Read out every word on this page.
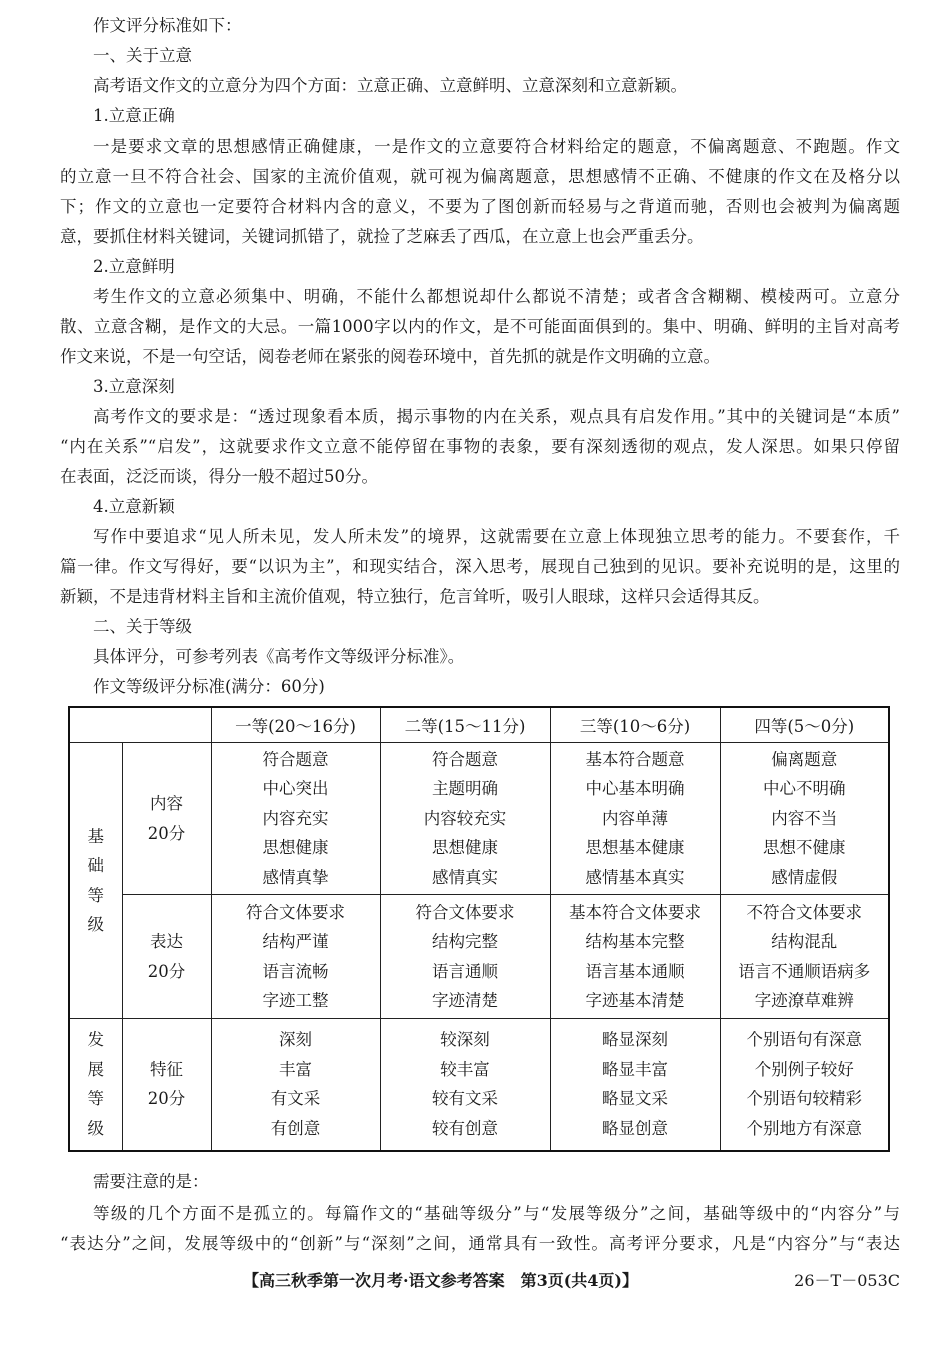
作文评分标准如下：
一、关于立意
高考语文作文的立意分为四个方面：立意正确、立意鲜明、立意深刻和立意新颖。
1.立意正确
一是要求文章的思想感情正确健康，一是作文的立意要符合材料给定的题意，不偏离题意、不跑题。作文
的立意一旦不符合社会、国家的主流价值观，就可视为偏离题意，思想感情不正确、不健康的作文在及格分以
下；作文的立意也一定要符合材料内含的意义，不要为了图创新而轻易与之背道而驰，否则也会被判为偏离题
意，要抓住材料关键词，关键词抓错了，就捡了芝麻丢了西瓜，在立意上也会严重丢分。
2.立意鲜明
考生作文的立意必须集中、明确，不能什么都想说却什么都说不清楚；或者含含糊糊、模棱两可。立意分
散、立意含糊，是作文的大忌。一篇1000字以内的作文，是不可能面面俱到的。集中、明确、鲜明的主旨对高考
作文来说，不是一句空话，阅卷老师在紧张的阅卷环境中，首先抓的就是作文明确的立意。
3.立意深刻
高考作文的要求是：“透过现象看本质，揭示事物的内在关系，观点具有启发作用。”其中的关键词是“本质”
“内在关系”“启发”，这就要求作文立意不能停留在事物的表象，要有深刻透彻的观点，发人深思。如果只停留
在表面，泛泛而谈，得分一般不超过50分。
4.立意新颖
写作中要追求“见人所未见，发人所未发”的境界，这就需要在立意上体现独立思考的能力。不要套作，千
篇一律。作文写得好，要“以识为主”，和现实结合，深入思考，展现自己独到的见识。要补充说明的是，这里的
新颖，不是违背材料主旨和主流价值观，特立独行，危言耸听，吸引人眼球，这样只会适得其反。
二、关于等级
具体评分，可参考列表《高考作文等级评分标准》。
作文等级评分标准(满分：60分)
		一等(20～16分)	二等(15～11分)	三等(10～6分)	四等(5～0分)

基
础
等
级	内容
20分	符合题意
中心突出
内容充实
思想健康
感情真挚	符合题意
主题明确
内容较充实
思想健康
感情真实	基本符合题意
中心基本明确
内容单薄
思想基本健康
感情基本真实	偏离题意
中心不明确
内容不当
思想不健康
感情虚假

	表达
20分	符合文体要求
结构严谨
语言流畅
字迹工整	符合文体要求
结构完整
语言通顺
字迹清楚	基本符合文体要求
结构基本完整
语言基本通顺
字迹基本清楚	不符合文体要求
结构混乱
语言不通顺语病多
字迹潦草难辨

发
展
等
级	特征
20分	深刻
丰富
有文采
有创意	较深刻
较丰富
较有文采
较有创意	略显深刻
略显丰富
略显文采
略显创意	个别语句有深意
个别例子较好
个别语句较精彩
个别地方有深意
需要注意的是：
等级的几个方面不是孤立的。每篇作文的“基础等级分”与“发展等级分”之间，基础等级中的“内容分”与
“表达分”之间，发展等级中的“创新”与“深刻”之间，通常具有一致性。高考评分要求，凡是“内容分”与“表达
【高三秋季第一次月考·语文参考答案　第3页(共4页)】	26－T－053C
